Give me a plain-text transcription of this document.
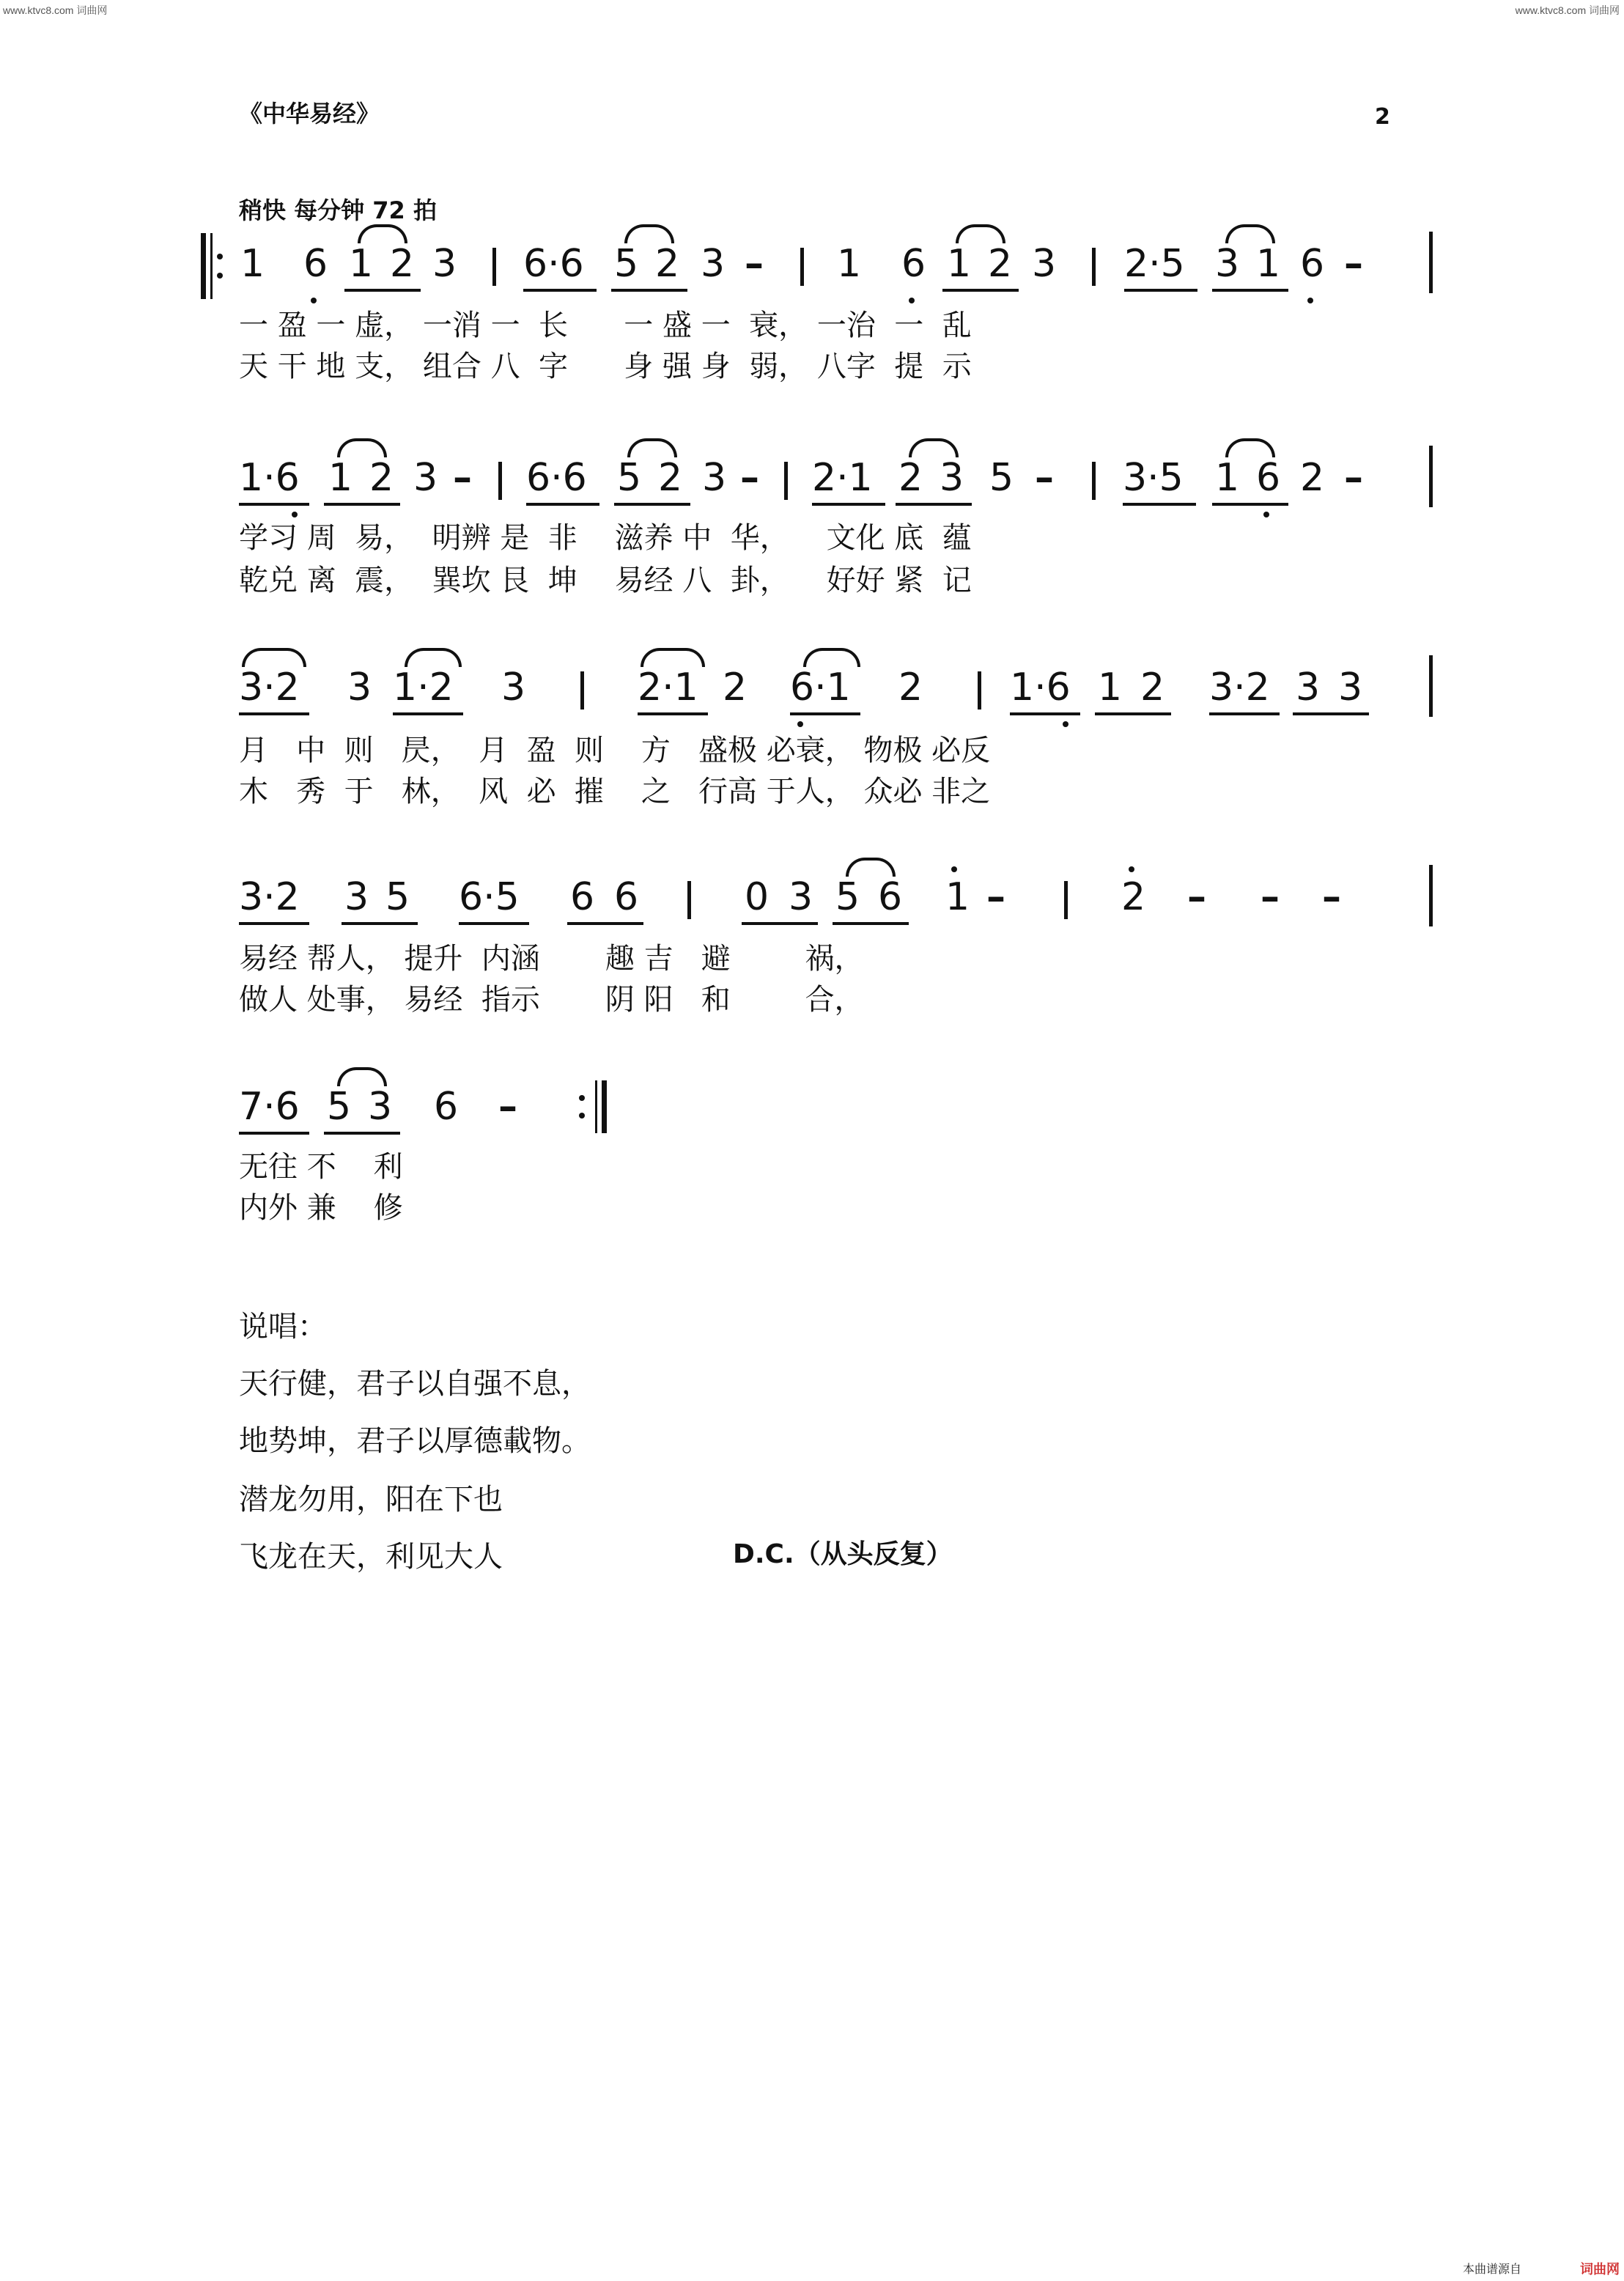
www.ktvc8.com 词曲网	www.ktvc8.com 词曲网
《中华易经》	2
稍快 每分钟 72 拍
1 6 1 2 3 6·6 5 2 3 – 1 6 1 2 3 2·5 3 1 6 –
一 盈 一 虚， 一消 一  长      一 盛 一  衰， 一治  一  乱
天 干 地 支， 组合 八  字      身 强 身  弱， 八字  提  示
1·6 1 2 3 – 6·6 5 2 3 – 2·1 2 3 5 – 3·5 1 6 2 –
学习 周  易，  明辨 是  非    滋养 中  华，    文化 底  蕴
乾兑 离  震，  巽坎 艮  坤    易经 八  卦，    好好 紧  记
3·2 3 1·2 3	2·1 2 6·1 2 1·6 1 2 3·2 3 3
月   中  则   昃，  月  盈  则    方   盛极 必衰， 物极 必反
木   秀  于   林，  风  必  摧    之   行高 于人， 众必 非之
3·2 3 5 6·5 6 6	0 3 5 6 1 –	2 – – –
易经 帮人， 提升  内涵       趣 吉   避        祸，
做人 处事， 易经  指示       阴 阳   和        合，
7·6 5 3 6 –
无往 不    利
内外 兼    修
说唱：
天行健，君子以自强不息，
地势坤，君子以厚德載物。
潜龙勿用，阳在下也
飞龙在天，利见大人	D.C.（从头反复）
本曲谱源自	词曲网
